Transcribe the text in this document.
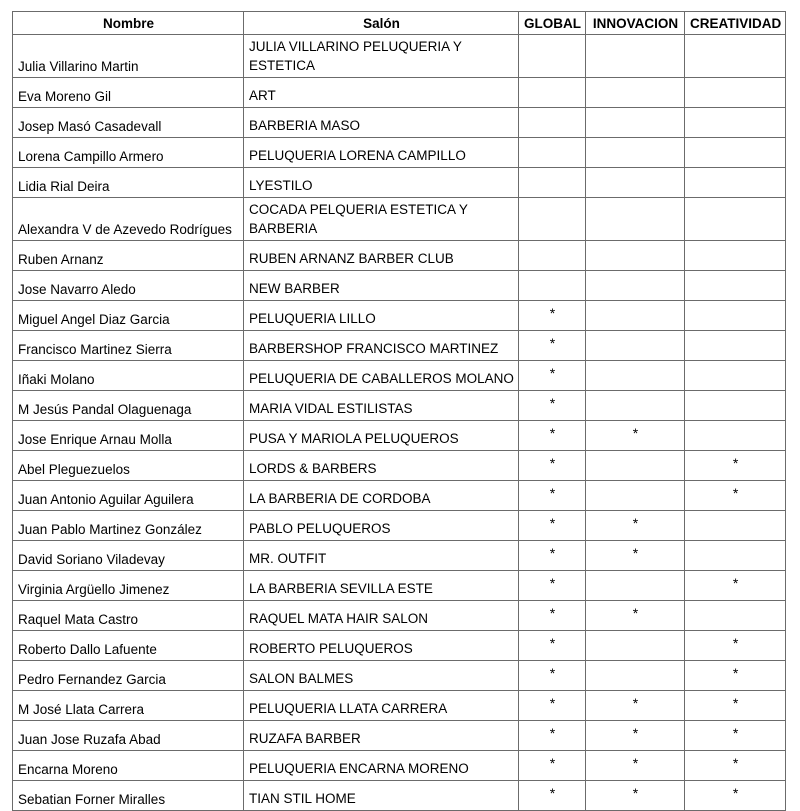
Nombre	Salón	GLOBAL	INNOVACION	CREATIVIDAD
Julia Villarino Martin	JULIA VILLARINO PELUQUERIA Y ESTETICA			
Eva Moreno Gil	ART			
Josep Masó Casadevall	BARBERIA MASO			
Lorena Campillo Armero	PELUQUERIA LORENA CAMPILLO			
Lidia Rial Deira	LYESTILO			
Alexandra V de Azevedo Rodrígues	COCADA PELQUERIA ESTETICA Y BARBERIA			
Ruben Arnanz	RUBEN ARNANZ BARBER CLUB			
Jose Navarro Aledo	NEW BARBER			
Miguel Angel Diaz Garcia	PELUQUERIA LILLO	*		
Francisco Martinez Sierra	BARBERSHOP FRANCISCO MARTINEZ	*		
Iñaki Molano	PELUQUERIA DE CABALLEROS MOLANO	*		
M Jesús Pandal Olaguenaga	MARIA VIDAL ESTILISTAS	*		
Jose Enrique Arnau Molla	PUSA Y MARIOLA PELUQUEROS	*	*	
Abel Pleguezuelos	LORDS & BARBERS	*		*
Juan Antonio Aguilar Aguilera	LA BARBERIA DE CORDOBA	*		*
Juan Pablo Martinez González	PABLO PELUQUEROS	*	*	
David Soriano Viladevay	MR. OUTFIT	*	*	
Virginia Argüello Jimenez	LA BARBERIA SEVILLA ESTE	*		*
Raquel Mata Castro	RAQUEL MATA HAIR SALON	*	*	
Roberto Dallo Lafuente	ROBERTO PELUQUEROS	*		*
Pedro Fernandez Garcia	SALON BALMES	*		*
M José Llata Carrera	PELUQUERIA LLATA CARRERA	*	*	*
Juan Jose Ruzafa Abad	RUZAFA BARBER	*	*	*
Encarna Moreno	PELUQUERIA ENCARNA MORENO	*	*	*
Sebatian Forner Miralles	TIAN STIL HOME	*	*	*
